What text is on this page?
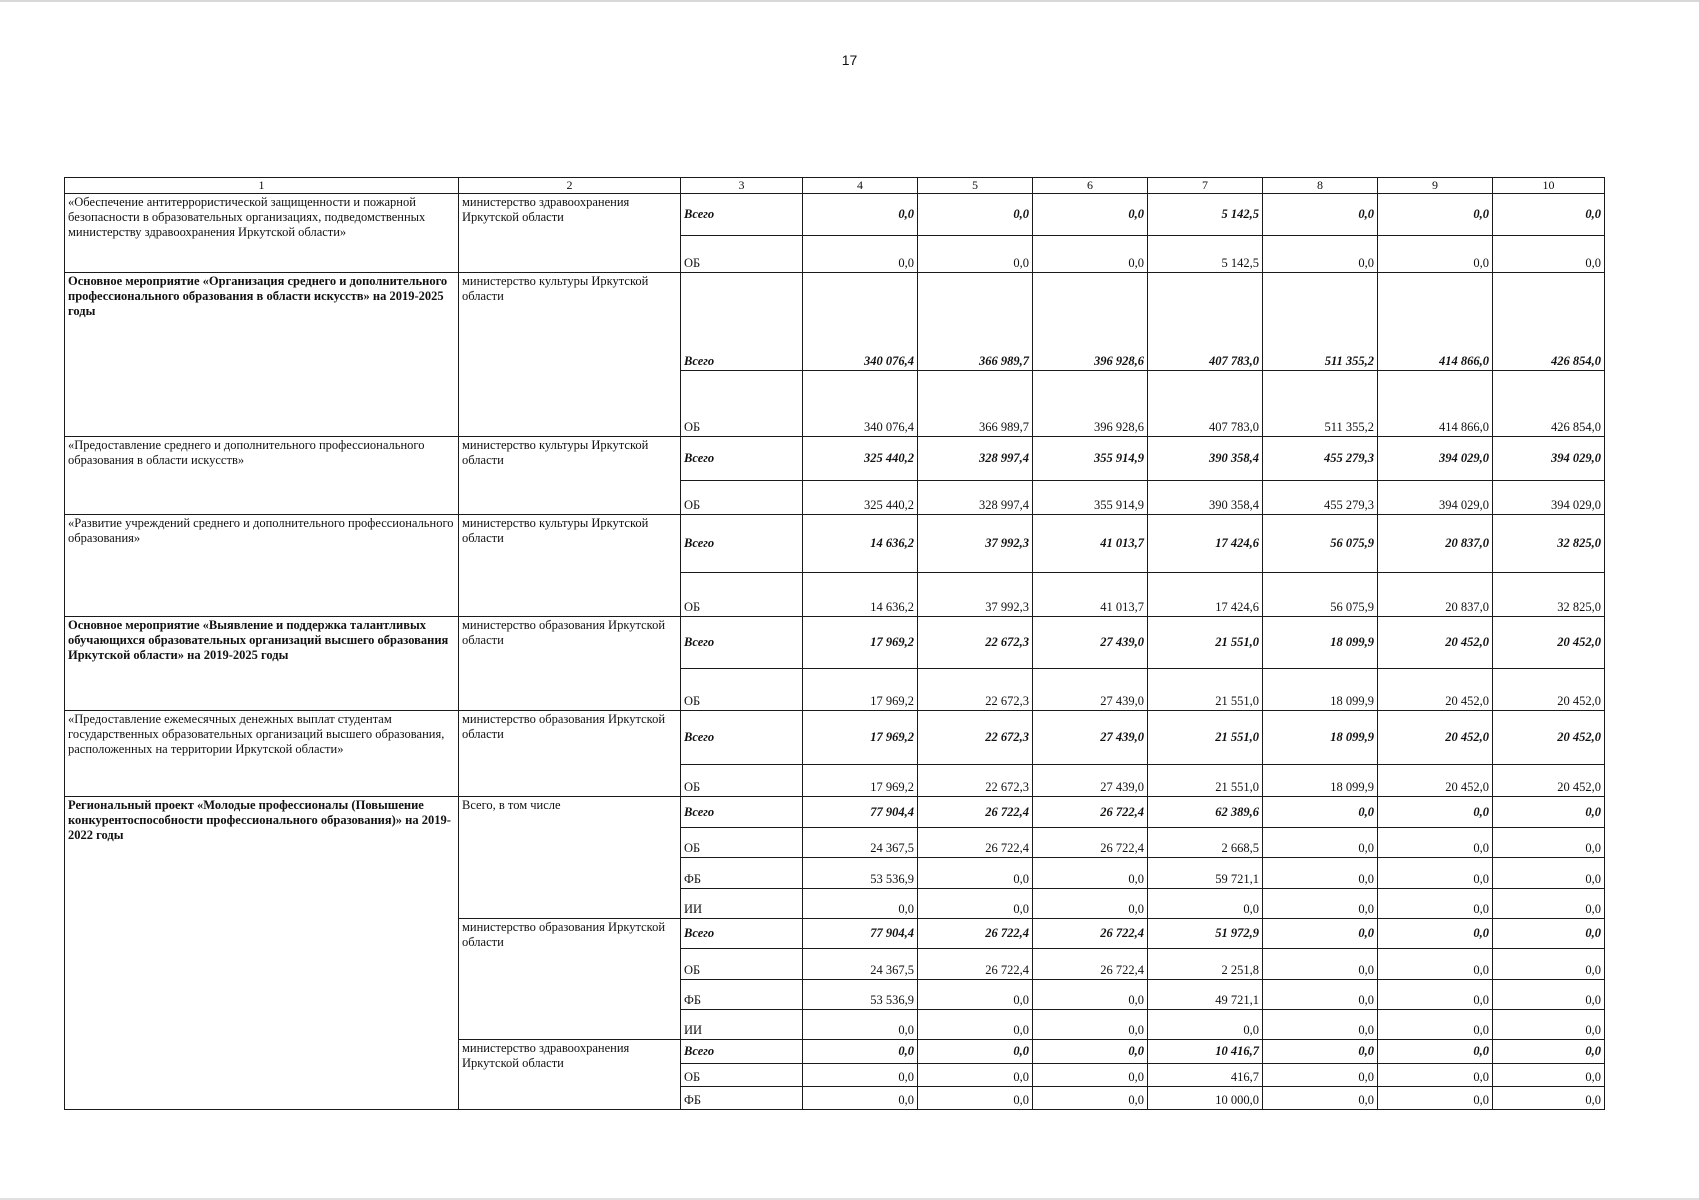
17
1	2	3	4	5	6	7	8	9	10
«Обеспечение антитеррористической защищенности и пожарной безопасности в образовательных организациях, подведомственных министерству здравоохранения Иркутской области»	министерство здравоохранения Иркутской области	Всего	0,0	0,0	0,0	5 142,5	0,0	0,0	0,0
		ОБ	0,0	0,0	0,0	5 142,5	0,0	0,0	0,0
Основное мероприятие «Организация среднего и дополнительного профессионального образования в области искусств» на 2019-2025 годы	министерство культуры Иркутской области	Всего	340 076,4	366 989,7	396 928,6	407 783,0	511 355,2	414 866,0	426 854,0
		ОБ	340 076,4	366 989,7	396 928,6	407 783,0	511 355,2	414 866,0	426 854,0
«Предоставление среднего и дополнительного профессионального образования в области искусств»	министерство культуры Иркутской области	Всего	325 440,2	328 997,4	355 914,9	390 358,4	455 279,3	394 029,0	394 029,0
		ОБ	325 440,2	328 997,4	355 914,9	390 358,4	455 279,3	394 029,0	394 029,0
«Развитие учреждений среднего и дополнительного профессионального образования»	министерство культуры Иркутской области	Всего	14 636,2	37 992,3	41 013,7	17 424,6	56 075,9	20 837,0	32 825,0
		ОБ	14 636,2	37 992,3	41 013,7	17 424,6	56 075,9	20 837,0	32 825,0
Основное мероприятие «Выявление и поддержка талантливых обучающихся образовательных организаций высшего образования Иркутской области» на 2019-2025 годы	министерство образования Иркутской области	Всего	17 969,2	22 672,3	27 439,0	21 551,0	18 099,9	20 452,0	20 452,0
		ОБ	17 969,2	22 672,3	27 439,0	21 551,0	18 099,9	20 452,0	20 452,0
«Предоставление ежемесячных денежных выплат студентам государственных образовательных организаций высшего образования, расположенных на территории Иркутской области»	министерство образования Иркутской области	Всего	17 969,2	22 672,3	27 439,0	21 551,0	18 099,9	20 452,0	20 452,0
		ОБ	17 969,2	22 672,3	27 439,0	21 551,0	18 099,9	20 452,0	20 452,0
Региональный проект «Молодые профессионалы (Повышение конкурентоспособности профессионального образования)» на 2019-2022 годы	Всего, в том числе	Всего	77 904,4	26 722,4	26 722,4	62 389,6	0,0	0,0	0,0
		ОБ	24 367,5	26 722,4	26 722,4	2 668,5	0,0	0,0	0,0
		ФБ	53 536,9	0,0	0,0	59 721,1	0,0	0,0	0,0
		ИИ	0,0	0,0	0,0	0,0	0,0	0,0	0,0
	министерство образования Иркутской области	Всего	77 904,4	26 722,4	26 722,4	51 972,9	0,0	0,0	0,0
		ОБ	24 367,5	26 722,4	26 722,4	2 251,8	0,0	0,0	0,0
		ФБ	53 536,9	0,0	0,0	49 721,1	0,0	0,0	0,0
		ИИ	0,0	0,0	0,0	0,0	0,0	0,0	0,0
	министерство здравоохранения Иркутской области	Всего	0,0	0,0	0,0	10 416,7	0,0	0,0	0,0
		ОБ	0,0	0,0	0,0	416,7	0,0	0,0	0,0
		ФБ	0,0	0,0	0,0	10 000,0	0,0	0,0	0,0
